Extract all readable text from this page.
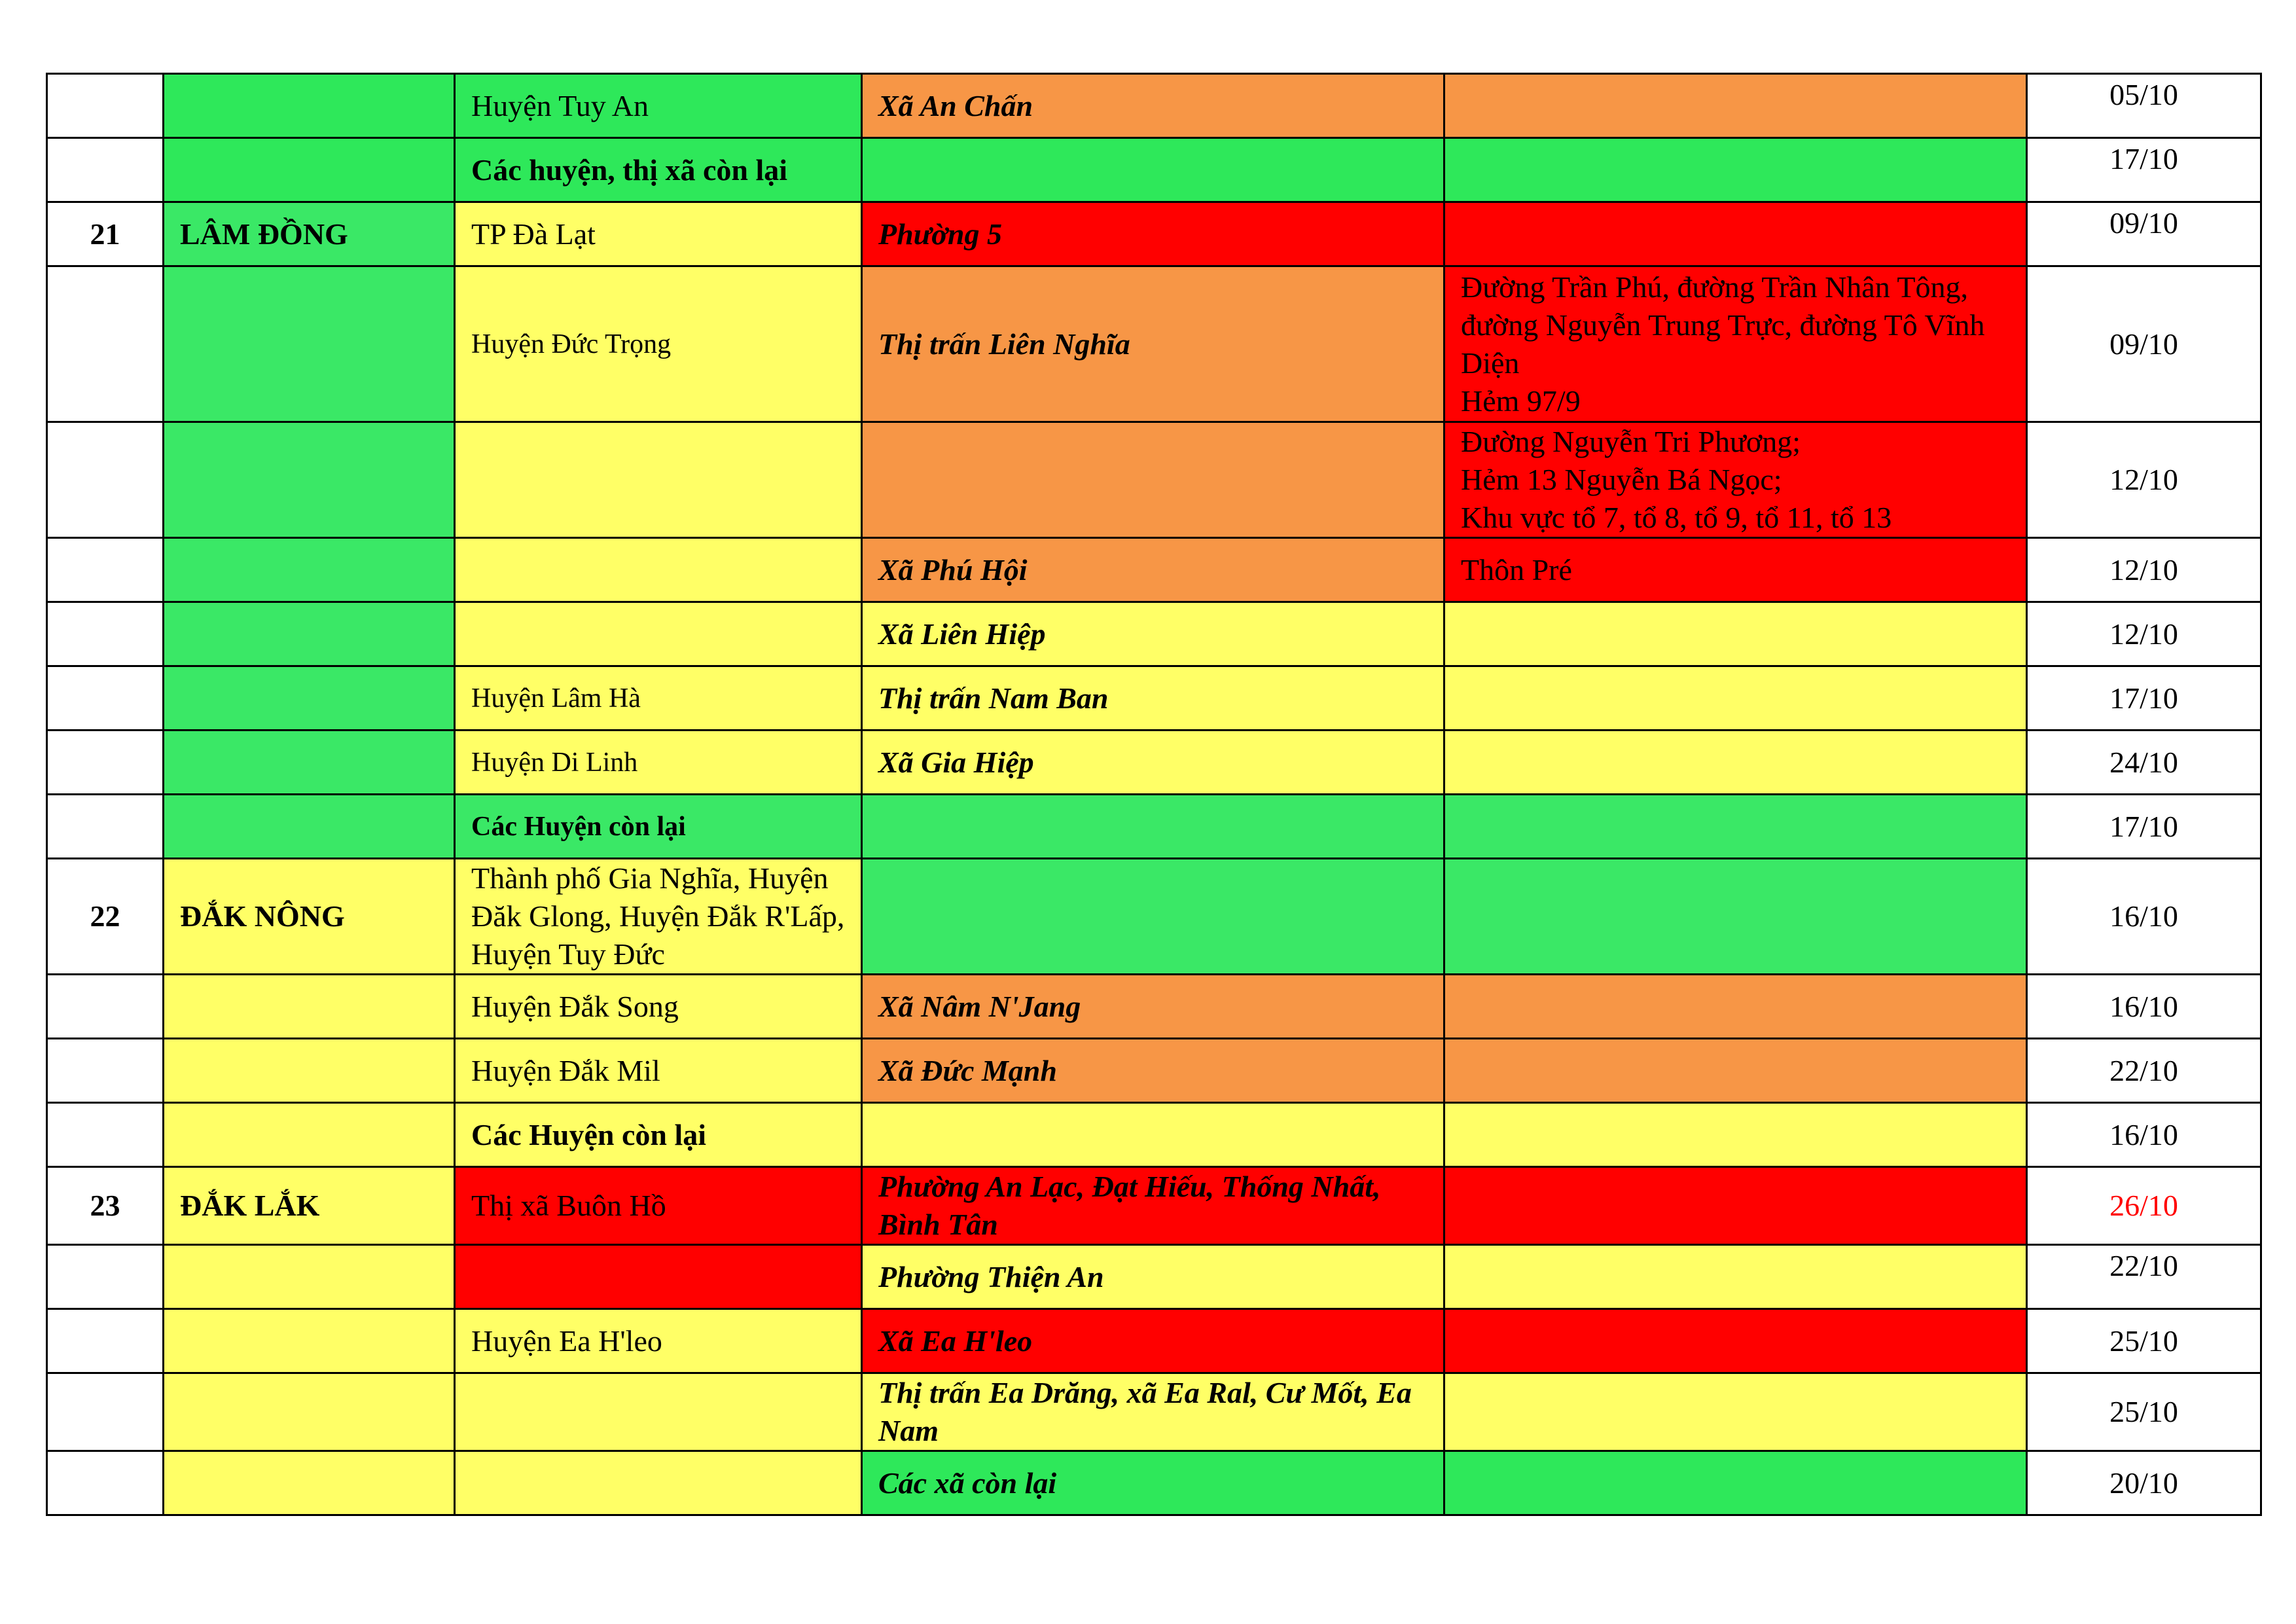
		Huyện Tuy An	Xã An Chấn		05/10

		Các huyện, thị xã còn lại			17/10

21	LÂM ĐỒNG	TP Đà Lạt	Phường 5		09/10

		Huyện Đức Trọng	Thị trấn Liên Nghĩa	Đường Trần Phú, đường Trần Nhân Tông, đường Nguyễn Trung Trực, đường Tô Vĩnh Diện
Hẻm 97/9	09/10

				Đường Nguyễn Tri Phương;
Hẻm 13 Nguyễn Bá Ngọc;
Khu vực tổ 7, tổ 8, tổ 9, tổ 11, tổ 13	12/10

			Xã Phú Hội	Thôn Pré	12/10

			Xã Liên Hiệp		12/10

		Huyện Lâm Hà	Thị trấn Nam Ban		17/10

		Huyện Di Linh	Xã Gia Hiệp		24/10

		Các Huyện còn lại			17/10

22	ĐẮK NÔNG	Thành phố Gia Nghĩa, Huyện Đăk Glong, Huyện Đắk R'Lấp, Huyện Tuy Đức			16/10

		Huyện Đắk Song	Xã Nâm N'Jang		16/10

		Huyện Đắk Mil	Xã Đức Mạnh		22/10

		Các Huyện còn lại			16/10

23	ĐẮK LẮK	Thị xã Buôn Hồ	Phường An Lạc, Đạt Hiếu, Thống Nhất, Bình Tân		26/10

			Phường Thiện An		22/10

		Huyện Ea H'leo	Xã Ea H'leo		25/10

			Thị trấn Ea Drăng, xã Ea Ral, Cư Mốt, Ea Nam		25/10

			Các xã còn lại		20/10
